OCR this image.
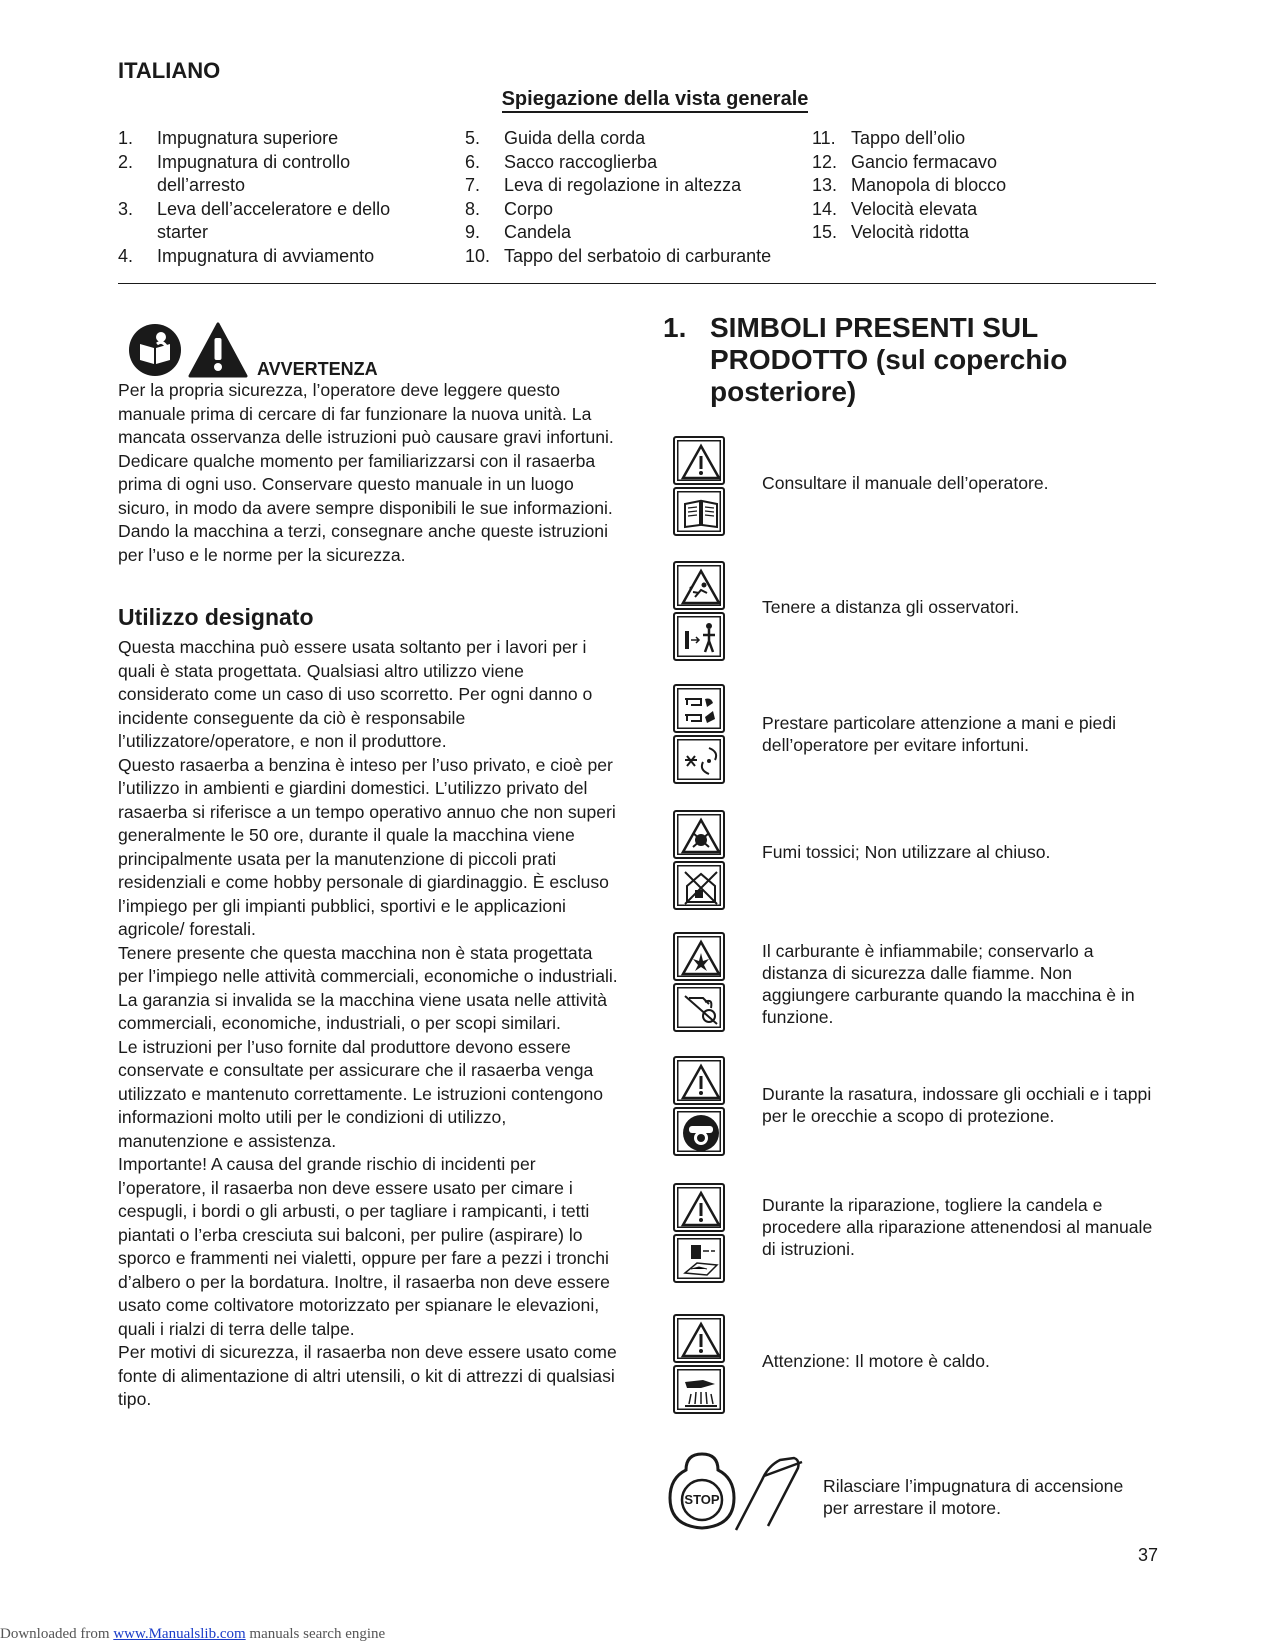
ITALIANO
Spiegazione della vista generale
1.	Impugnatura superiore
2.	Impugnatura di controllo dell’arresto
3.	Leva dell’acceleratore e dello starter
4.	Impugnatura di avviamento
5.	Guida della corda
6.	Sacco raccoglierba
7.	Leva di regolazione in altezza
8.	Corpo
9.	Candela
10. Tappo del serbatoio di carburante
11. Tappo dell’olio
12. Gancio fermacavo
13. Manopola di blocco
14. Velocità elevata
15. Velocità ridotta
AVVERTENZA
Per la propria sicurezza, l’operatore deve leggere questo manuale prima di cercare di far funzionare la nuova unità. La mancata osservanza delle istruzioni può causare gravi infortuni. Dedicare qualche momento per familiarizzarsi con il rasaerba prima di ogni uso. Conservare questo manuale in un luogo sicuro, in modo da avere sempre disponibili le sue informazioni. Dando la macchina a terzi, consegnare anche queste istruzioni per l’uso e le norme per la sicurezza.
Utilizzo designato
Questa macchina può essere usata soltanto per i lavori per i quali è stata progettata. Qualsiasi altro utilizzo viene considerato come un caso di uso scorretto. Per ogni danno o incidente conseguente da ciò è responsabile l’utilizzatore/operatore, e non il produttore.
Questo rasaerba a benzina è inteso per l’uso privato, e cioè per l’utilizzo in ambienti e giardini domestici. L’utilizzo privato del rasaerba si riferisce a un tempo operativo annuo che non superi generalmente le 50 ore, durante il quale la macchina viene principalmente usata per la manutenzione di piccoli prati residenziali e come hobby personale di giardinaggio. È escluso l’impiego per gli impianti pubblici, sportivi e le applicazioni agricole/ forestali.
Tenere presente che questa macchina non è stata progettata per l’impiego nelle attività commerciali, economiche o industriali. La garanzia si invalida se la macchina viene usata nelle attività commerciali, economiche, industriali, o per scopi similari.
Le istruzioni per l’uso fornite dal produttore devono essere conservate e consultate per assicurare che il rasaerba venga utilizzato e mantenuto correttamente. Le istruzioni contengono informazioni molto utili per le condizioni di utilizzo, manutenzione e assistenza.
Importante! A causa del grande rischio di incidenti per l’operatore, il rasaerba non deve essere usato per cimare i cespugli, i bordi o gli arbusti, o per tagliare i rampicanti, i tetti piantati o l’erba cresciuta sui balconi, per pulire (aspirare) lo sporco e frammenti nei vialetti, oppure per fare a pezzi i tronchi d’albero o per la bordatura. Inoltre, il rasaerba non deve essere usato come coltivatore motorizzato per spianare le elevazioni, quali i rialzi di terra delle talpe.
Per motivi di sicurezza, il rasaerba non deve essere usato come fonte di alimentazione di altri utensili, o kit di attrezzi di qualsiasi tipo.
1. SIMBOLI PRESENTI SUL PRODOTTO (sul coperchio posteriore)
Consultare il manuale dell’operatore.
Tenere a distanza gli osservatori.
Prestare particolare attenzione a mani e piedi dell’operatore per evitare infortuni.
Fumi tossici; Non utilizzare al chiuso.
Il carburante è infiammabile; conservarlo a distanza di sicurezza dalle fiamme. Non aggiungere carburante quando la macchina è in funzione.
Durante la rasatura, indossare gli occhiali e i tappi per le orecchie a scopo di protezione.
Durante la riparazione, togliere la candela e procedere alla riparazione attenendosi al manuale di istruzioni.
Attenzione: Il motore è caldo.
STOP
Rilasciare l’impugnatura di accensione per arrestare il motore.
37
Downloaded from www.Manualslib.com manuals search engine
